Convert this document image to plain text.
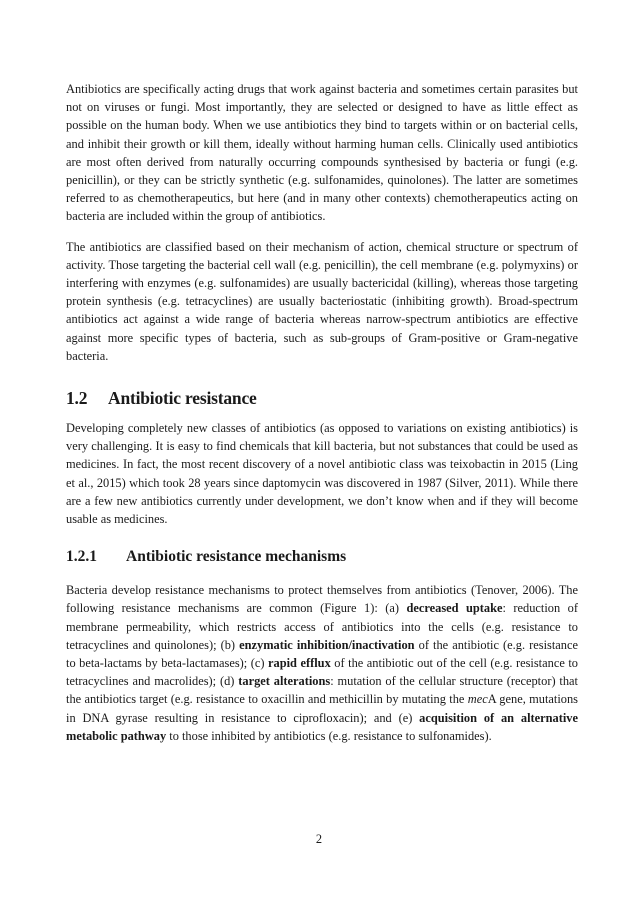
Antibiotics are specifically acting drugs that work against bacteria and sometimes certain parasites but not on viruses or fungi. Most importantly, they are selected or designed to have as little effect as possible on the human body. When we use antibiotics they bind to targets within or on bacterial cells, and inhibit their growth or kill them, ideally without harming human cells. Clinically used antibiotics are most often derived from naturally occurring compounds synthesised by bacteria or fungi (e.g. penicillin), or they can be strictly synthetic (e.g. sulfonamides, quinolones). The latter are sometimes referred to as chemotherapeutics, but here (and in many other contexts) chemotherapeutics acting on bacteria are included within the group of antibiotics.

The antibiotics are classified based on their mechanism of action, chemical structure or spectrum of activity. Those targeting the bacterial cell wall (e.g. penicillin), the cell membrane (e.g. polymyxins) or interfering with enzymes (e.g. sulfonamides) are usually bactericidal (killing), whereas those targeting protein synthesis (e.g. tetracyclines) are usually bacteriostatic (inhibiting growth). Broad-spectrum antibiotics act against a wide range of bacteria whereas narrow-spectrum antibiotics are effective against more specific types of bacteria, such as sub-groups of Gram-positive or Gram-negative bacteria.

1.2 Antibiotic resistance

Developing completely new classes of antibiotics (as opposed to variations on existing antibiotics) is very challenging. It is easy to find chemicals that kill bacteria, but not substances that could be used as medicines. In fact, the most recent discovery of a novel antibiotic class was teixobactin in 2015 (Ling et al., 2015) which took 28 years since daptomycin was discovered in 1987 (Silver, 2011). While there are a few new antibiotics currently under development, we don’t know when and if they will become usable as medicines.

1.2.1 Antibiotic resistance mechanisms

Bacteria develop resistance mechanisms to protect themselves from antibiotics (Tenover, 2006). The following resistance mechanisms are common (Figure 1): (a) decreased uptake: reduction of membrane permeability, which restricts access of antibiotics into the cells (e.g. resistance to tetracyclines and quinolones); (b) enzymatic inhibition/inactivation of the antibiotic (e.g. resistance to beta-lactams by beta-lactamases); (c) rapid efflux of the antibiotic out of the cell (e.g. resistance to tetracyclines and macrolides); (d) target alterations: mutation of the cellular structure (receptor) that the antibiotics target (e.g. resistance to oxacillin and methicillin by mutating the mecA gene, mutations in DNA gyrase resulting in resistance to ciprofloxacin); and (e) acquisition of an alternative metabolic pathway to those inhibited by antibiotics (e.g. resistance to sulfonamides).

2
